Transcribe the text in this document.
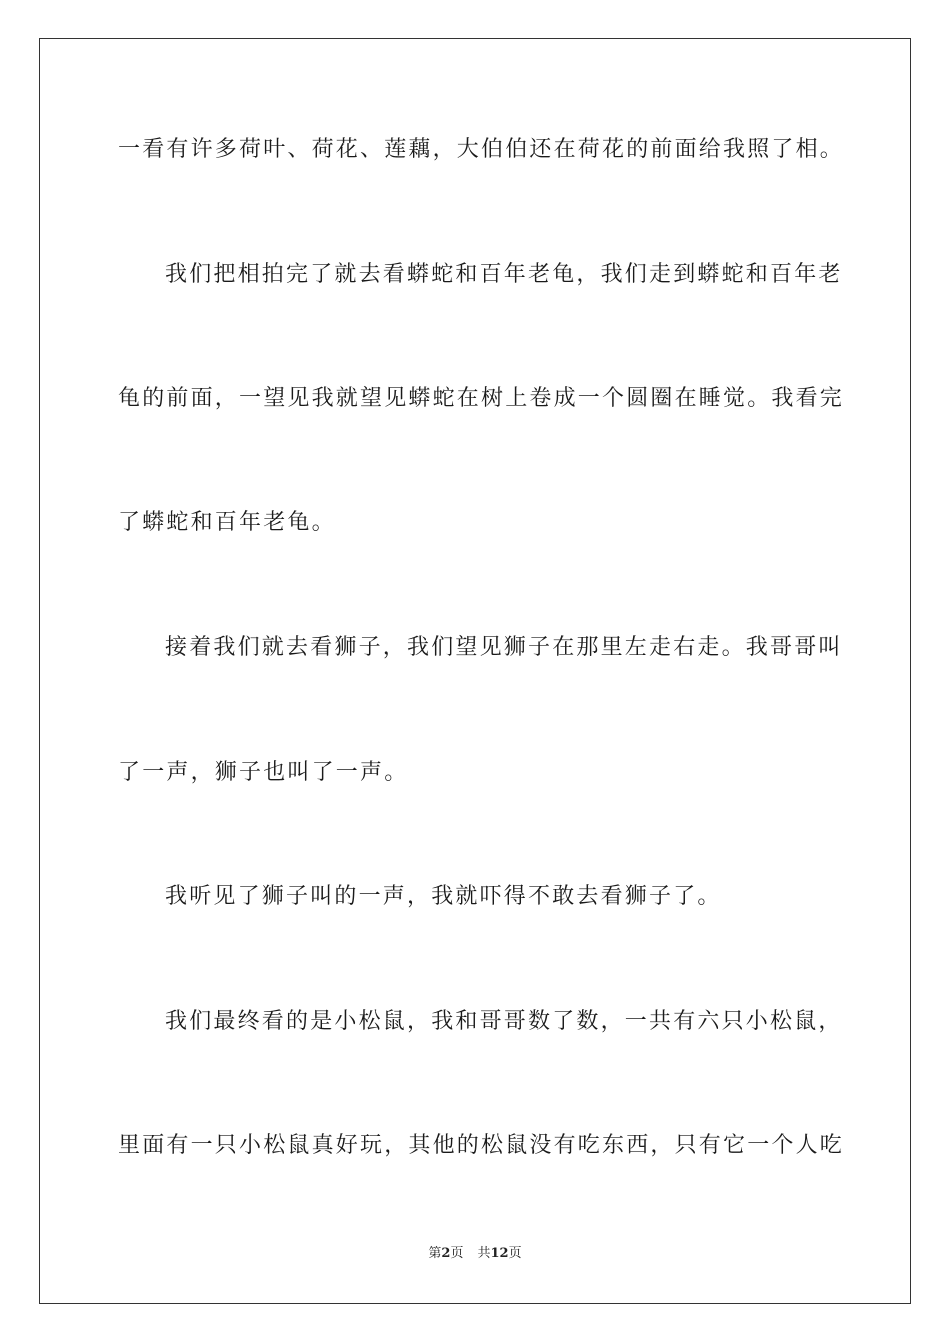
一看有许多荷叶、荷花、莲藕，大伯伯还在荷花的前面给我照了相。
我们把相拍完了就去看蟒蛇和百年老龟，我们走到蟒蛇和百年老
龟的前面，一望见我就望见蟒蛇在树上卷成一个圆圈在睡觉。我看完
了蟒蛇和百年老龟。
接着我们就去看狮子，我们望见狮子在那里左走右走。我哥哥叫
了一声，狮子也叫了一声。
我听见了狮子叫的一声，我就吓得不敢去看狮子了。
我们最终看的是小松鼠，我和哥哥数了数，一共有六只小松鼠，
里面有一只小松鼠真好玩，其他的松鼠没有吃东西，只有它一个人吃
第2页 共12页
